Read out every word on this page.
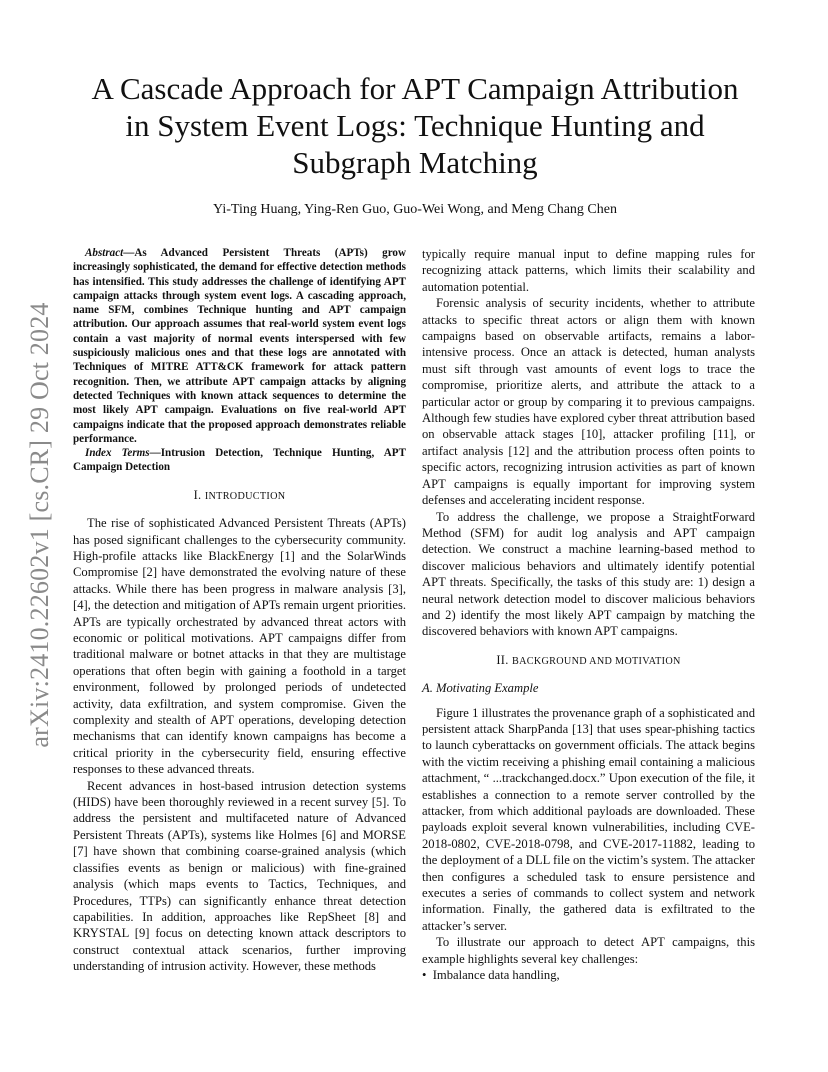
arXiv:2410.22602v1 [cs.CR] 29 Oct 2024
A Cascade Approach for APT Campaign Attribution in System Event Logs: Technique Hunting and Subgraph Matching
Yi-Ting Huang, Ying-Ren Guo, Guo-Wei Wong, and Meng Chang Chen

Abstract—As Advanced Persistent Threats (APTs) grow increasingly sophisticated, the demand for effective detection methods has intensified. This study addresses the challenge of identifying APT campaign attacks through system event logs. A cascading approach, name SFM, combines Technique hunting and APT campaign attribution. Our approach assumes that real-world system event logs contain a vast majority of normal events interspersed with few suspiciously malicious ones and that these logs are annotated with Techniques of MITRE ATT&CK framework for attack pattern recognition. Then, we attribute APT campaign attacks by aligning detected Techniques with known attack sequences to determine the most likely APT campaign. Evaluations on five real-world APT campaigns indicate that the proposed approach demonstrates reliable performance.

Index Terms—Intrusion Detection, Technique Hunting, APT Campaign Detection

I. INTRODUCTION

The rise of sophisticated Advanced Persistent Threats (APTs) has posed significant challenges to the cybersecurity community. High-profile attacks like BlackEnergy [1] and the SolarWinds Compromise [2] have demonstrated the evolving nature of these attacks. While there has been progress in malware analysis [3], [4], the detection and mitigation of APTs remain urgent priorities. APTs are typically orchestrated by advanced threat actors with economic or political motivations. APT campaigns differ from traditional malware or botnet attacks in that they are multistage operations that often begin with gaining a foothold in a target environment, followed by prolonged periods of undetected activity, data exfiltration, and system compromise. Given the complexity and stealth of APT operations, developing detection mechanisms that can identify known campaigns has become a critical priority in the cybersecurity field, ensuring effective responses to these advanced threats.

Recent advances in host-based intrusion detection systems (HIDS) have been thoroughly reviewed in a recent survey [5]. To address the persistent and multifaceted nature of Advanced Persistent Threats (APTs), systems like Holmes [6] and MORSE [7] have shown that combining coarse-grained analysis (which classifies events as benign or malicious) with fine-grained analysis (which maps events to Tactics, Techniques, and Procedures, TTPs) can significantly enhance threat detection capabilities. In addition, approaches like RepSheet [8] and KRYSTAL [9] focus on detecting known attack descriptors to construct contextual attack scenarios, further improving understanding of intrusion activity. However, these methods

typically require manual input to define mapping rules for recognizing attack patterns, which limits their scalability and automation potential.

Forensic analysis of security incidents, whether to attribute attacks to specific threat actors or align them with known campaigns based on observable artifacts, remains a labor-intensive process. Once an attack is detected, human analysts must sift through vast amounts of event logs to trace the compromise, prioritize alerts, and attribute the attack to a particular actor or group by comparing it to previous campaigns. Although few studies have explored cyber threat attribution based on observable attack stages [10], attacker profiling [11], or artifact analysis [12] and the attribution process often points to specific actors, recognizing intrusion activities as part of known APT campaigns is equally important for improving system defenses and accelerating incident response.

To address the challenge, we propose a StraightForward Method (SFM) for audit log analysis and APT campaign detection. We construct a machine learning-based method to discover malicious behaviors and ultimately identify potential APT threats. Specifically, the tasks of this study are: 1) design a neural network detection model to discover malicious behaviors and 2) identify the most likely APT campaign by matching the discovered behaviors with known APT campaigns.

II. BACKGROUND AND MOTIVATION
A. Motivating Example

Figure 1 illustrates the provenance graph of a sophisticated and persistent attack SharpPanda [13] that uses spear-phishing tactics to launch cyberattacks on government officials. The attack begins with the victim receiving a phishing email containing a malicious attachment, “ ...trackchanged.docx.” Upon execution of the file, it establishes a connection to a remote server controlled by the attacker, from which additional payloads are downloaded. These payloads exploit several known vulnerabilities, including CVE-2018-0802, CVE-2018-0798, and CVE-2017-11882, leading to the deployment of a DLL file on the victim’s system. The attacker then configures a scheduled task to ensure persistence and executes a series of commands to collect system and network information. Finally, the gathered data is exfiltrated to the attacker’s server.

To illustrate our approach to detect APT campaigns, this example highlights several key challenges:

•  Imbalance data handling,
